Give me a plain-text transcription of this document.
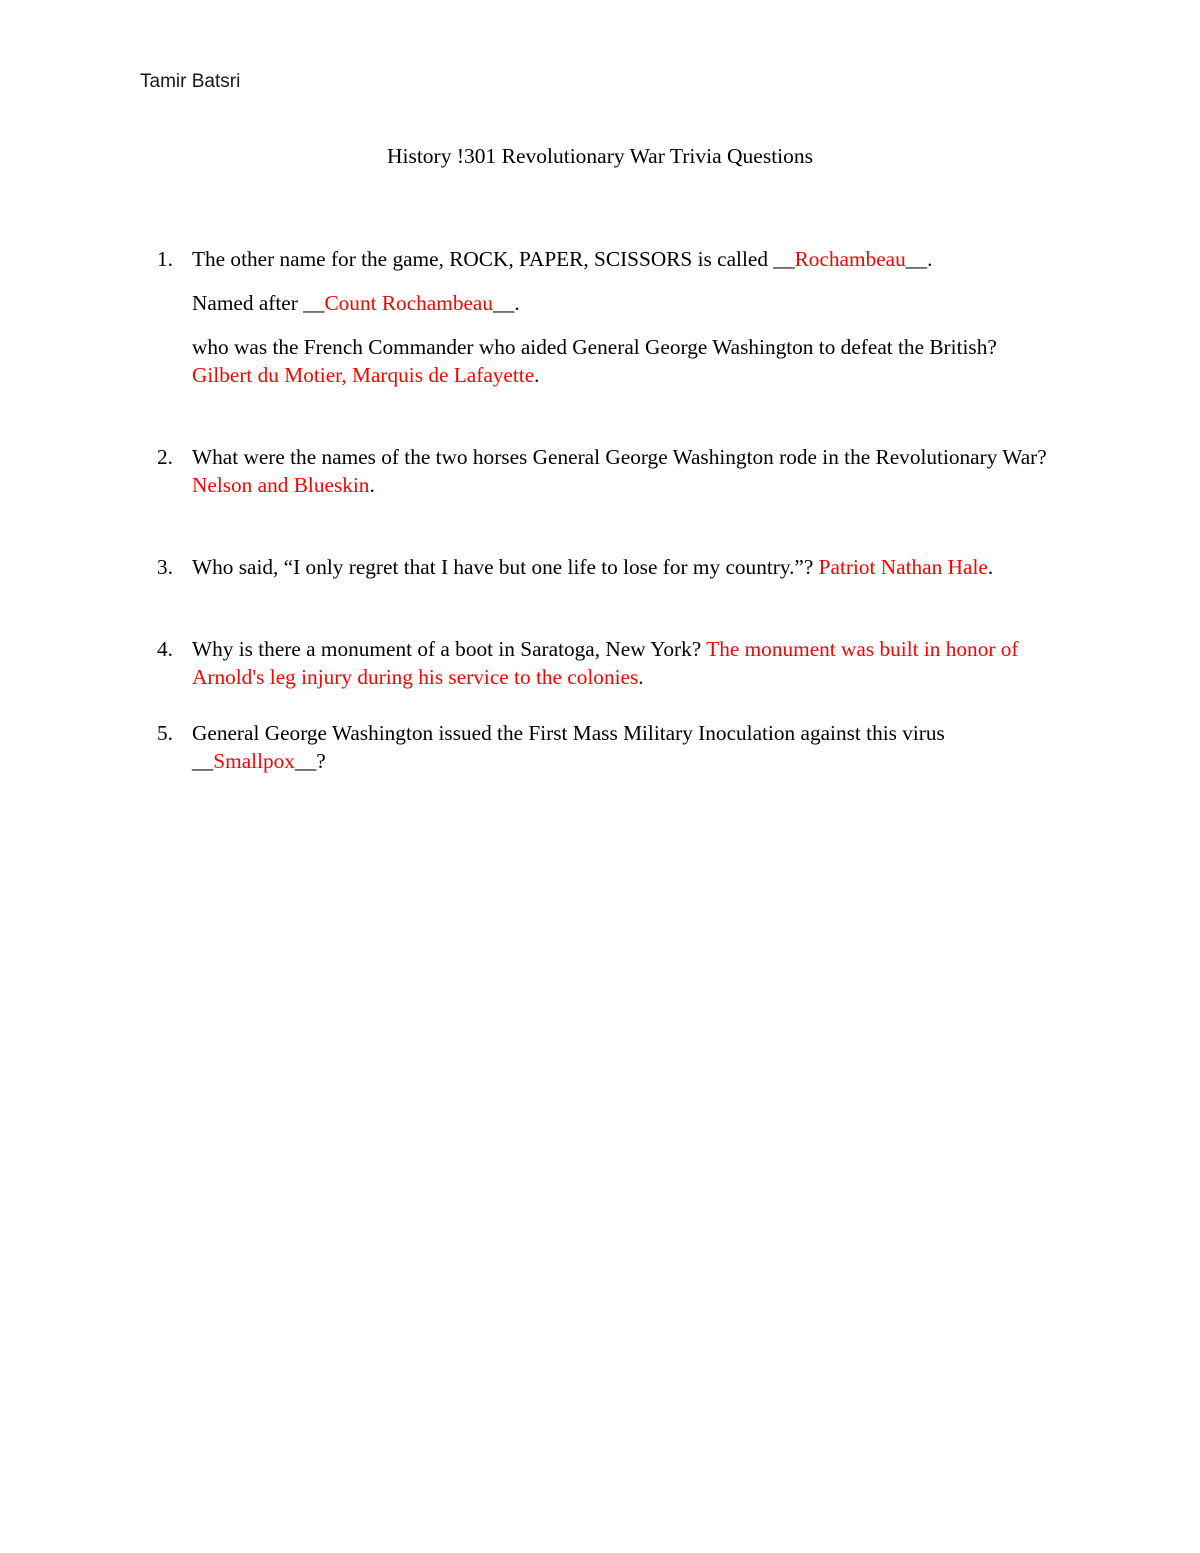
Tamir Batsri
History !301 Revolutionary War Trivia Questions
1. The other name for the game, ROCK, PAPER, SCISSORS is called __Rochambeau__.

Named after __Count Rochambeau__.

who was the French Commander who aided General George Washington to defeat the British? Gilbert du Motier, Marquis de Lafayette.

2. What were the names of the two horses General George Washington rode in the Revolutionary War? Nelson and Blueskin.

3. Who said, “I only regret that I have but one life to lose for my country.”? Patriot Nathan Hale.

4. Why is there a monument of a boot in Saratoga, New York? The monument was built in honor of Arnold's leg injury during his service to the colonies.

5. General George Washington issued the First Mass Military Inoculation against this virus __Smallpox__?
